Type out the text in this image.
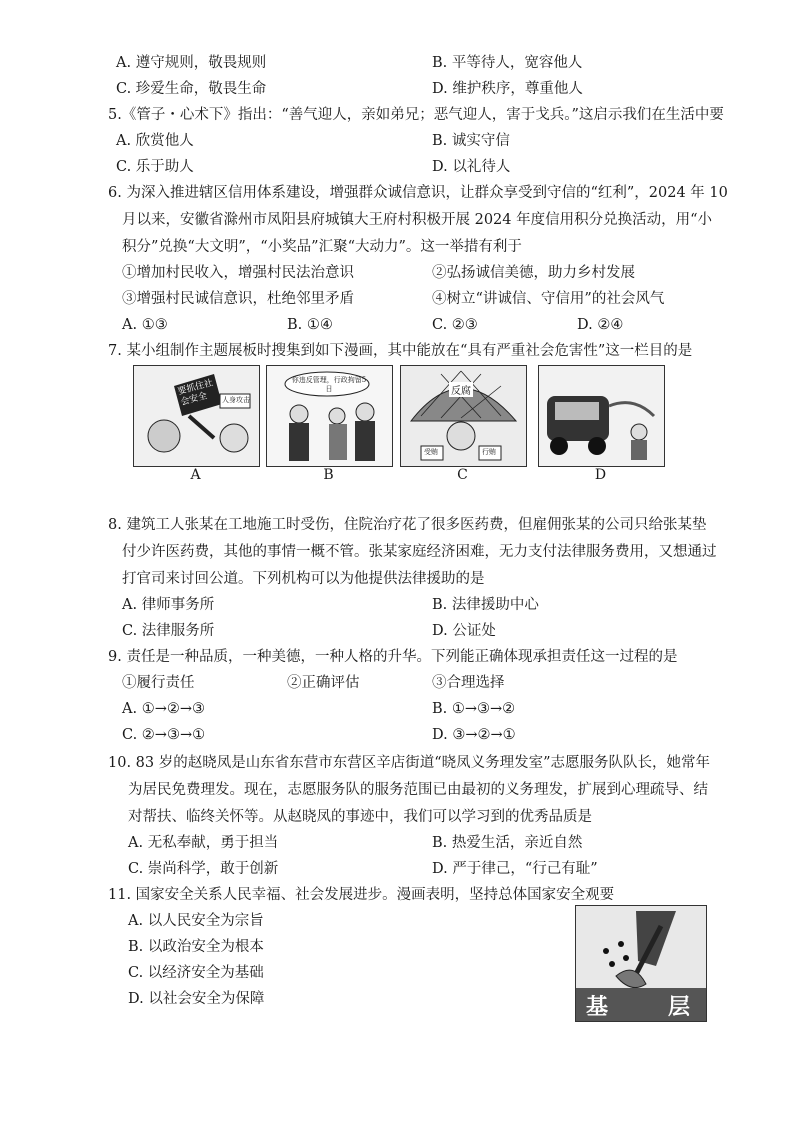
A. 遵守规则，敬畏规则	B. 平等待人，宽容他人
C. 珍爱生命，敬畏生命	D. 维护秩序，尊重他人
5.《管子・心术下》指出：“善气迎人，亲如弟兄；恶气迎人，害于戈兵。”这启示我们在生活中要
A. 欣赏他人	B. 诚实守信
C. 乐于助人	D. 以礼待人
6. 为深入推进辖区信用体系建设，增强群众诚信意识，让群众享受到守信的“红利”，2024 年 10
月以来，安徽省滁州市凤阳县府城镇大王府村积极开展 2024 年度信用积分兑换活动，用“小
积分”兑换“大文明”，“小奖品”汇聚“大动力”。这一举措有利于
①增加村民收入，增强村民法治意识	②弘扬诚信美德，助力乡村发展
③增强村民诚信意识，杜绝邻里矛盾	④树立“讲诚信、守信用”的社会风气
A. ①③	B. ①④	C. ②③	D. ②④
7. 某小组制作主题展板时搜集到如下漫画，其中能放在“具有严重社会危害性”这一栏目的是
要抓住社会安全	人身攻击
你违反管理，行政拘留5日	反腐
受贿	行贿
A	B	C	D
8. 建筑工人张某在工地施工时受伤，住院治疗花了很多医药费，但雇佣张某的公司只给张某垫
付少许医药费，其他的事情一概不管。张某家庭经济困难，无力支付法律服务费用，又想通过
打官司来讨回公道。下列机构可以为他提供法律援助的是
A. 律师事务所	B. 法律援助中心
C. 法律服务所	D. 公证处
9. 责任是一种品质，一种美德，一种人格的升华。下列能正确体现承担责任这一过程的是
①履行责任	②正确评估	③合理选择
A. ①→②→③	B. ①→③→②
C. ②→③→①	D. ③→②→①
10. 83 岁的赵晓凤是山东省东营市东营区辛店街道“晓凤义务理发室”志愿服务队队长，她常年
为居民免费理发。现在，志愿服务队的服务范围已由最初的义务理发，扩展到心理疏导、结
对帮扶、临终关怀等。从赵晓凤的事迹中，我们可以学习到的优秀品质是
A. 无私奉献，勇于担当	B. 热爱生活，亲近自然
C. 崇尚科学，敢于创新	D. 严于律己，“行己有耻”
11. 国家安全关系人民幸福、社会发展进步。漫画表明，坚持总体国家安全观要
A. 以人民安全为宗旨
B. 以政治安全为根本
C. 以经济安全为基础
D. 以社会安全为保障	基	层
